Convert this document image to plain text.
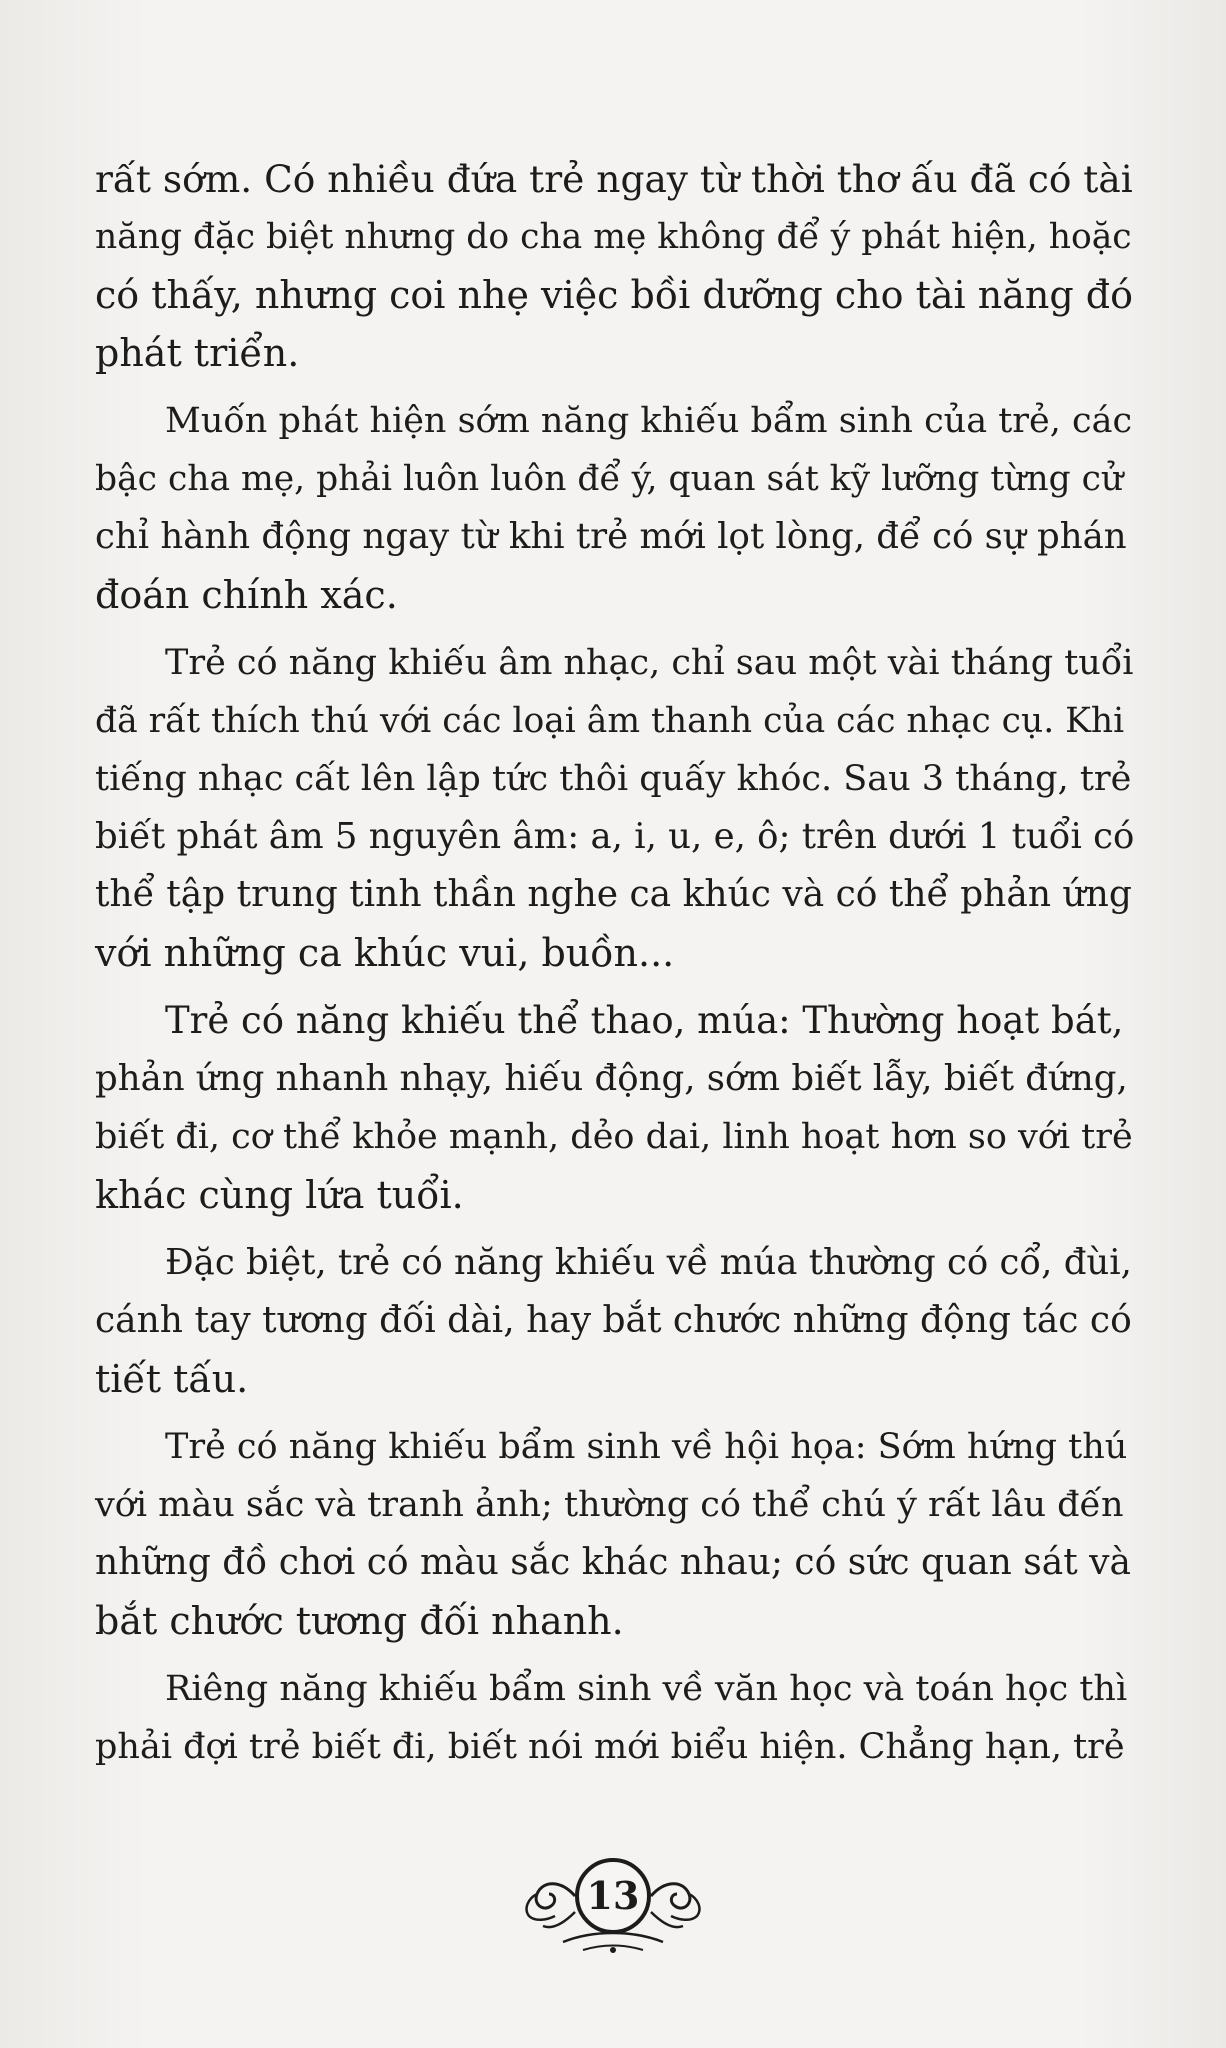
rất sớm. Có nhiều đứa trẻ ngay từ thời thơ ấu đã có tài
năng đặc biệt nhưng do cha mẹ không để ý phát hiện, hoặc
có thấy, nhưng coi nhẹ việc bồi dưỡng cho tài năng đó
phát triển.
Muốn phát hiện sớm năng khiếu bẩm sinh của trẻ, các
bậc cha mẹ, phải luôn luôn để ý, quan sát kỹ lưỡng từng cử
chỉ hành động ngay từ khi trẻ mới lọt lòng, để có sự phán
đoán chính xác.
Trẻ có năng khiếu âm nhạc, chỉ sau một vài tháng tuổi
đã rất thích thú với các loại âm thanh của các nhạc cụ. Khi
tiếng nhạc cất lên lập tức thôi quấy khóc. Sau 3 tháng, trẻ
biết phát âm 5 nguyên âm: a, i, u, e, ô; trên dưới 1 tuổi có
thể tập trung tinh thần nghe ca khúc và có thể phản ứng
với những ca khúc vui, buồn...
Trẻ có năng khiếu thể thao, múa: Thường hoạt bát,
phản ứng nhanh nhạy, hiếu động, sớm biết lẫy, biết đứng,
biết đi, cơ thể khỏe mạnh, dẻo dai, linh hoạt hơn so với trẻ
khác cùng lứa tuổi.
Đặc biệt, trẻ có năng khiếu về múa thường có cổ, đùi,
cánh tay tương đối dài, hay bắt chước những động tác có
tiết tấu.
Trẻ có năng khiếu bẩm sinh về hội họa: Sớm hứng thú
với màu sắc và tranh ảnh; thường có thể chú ý rất lâu đến
những đồ chơi có màu sắc khác nhau; có sức quan sát và
bắt chước tương đối nhanh.
Riêng năng khiếu bẩm sinh về văn học và toán học thì
phải đợi trẻ biết đi, biết nói mới biểu hiện. Chẳng hạn, trẻ
13
